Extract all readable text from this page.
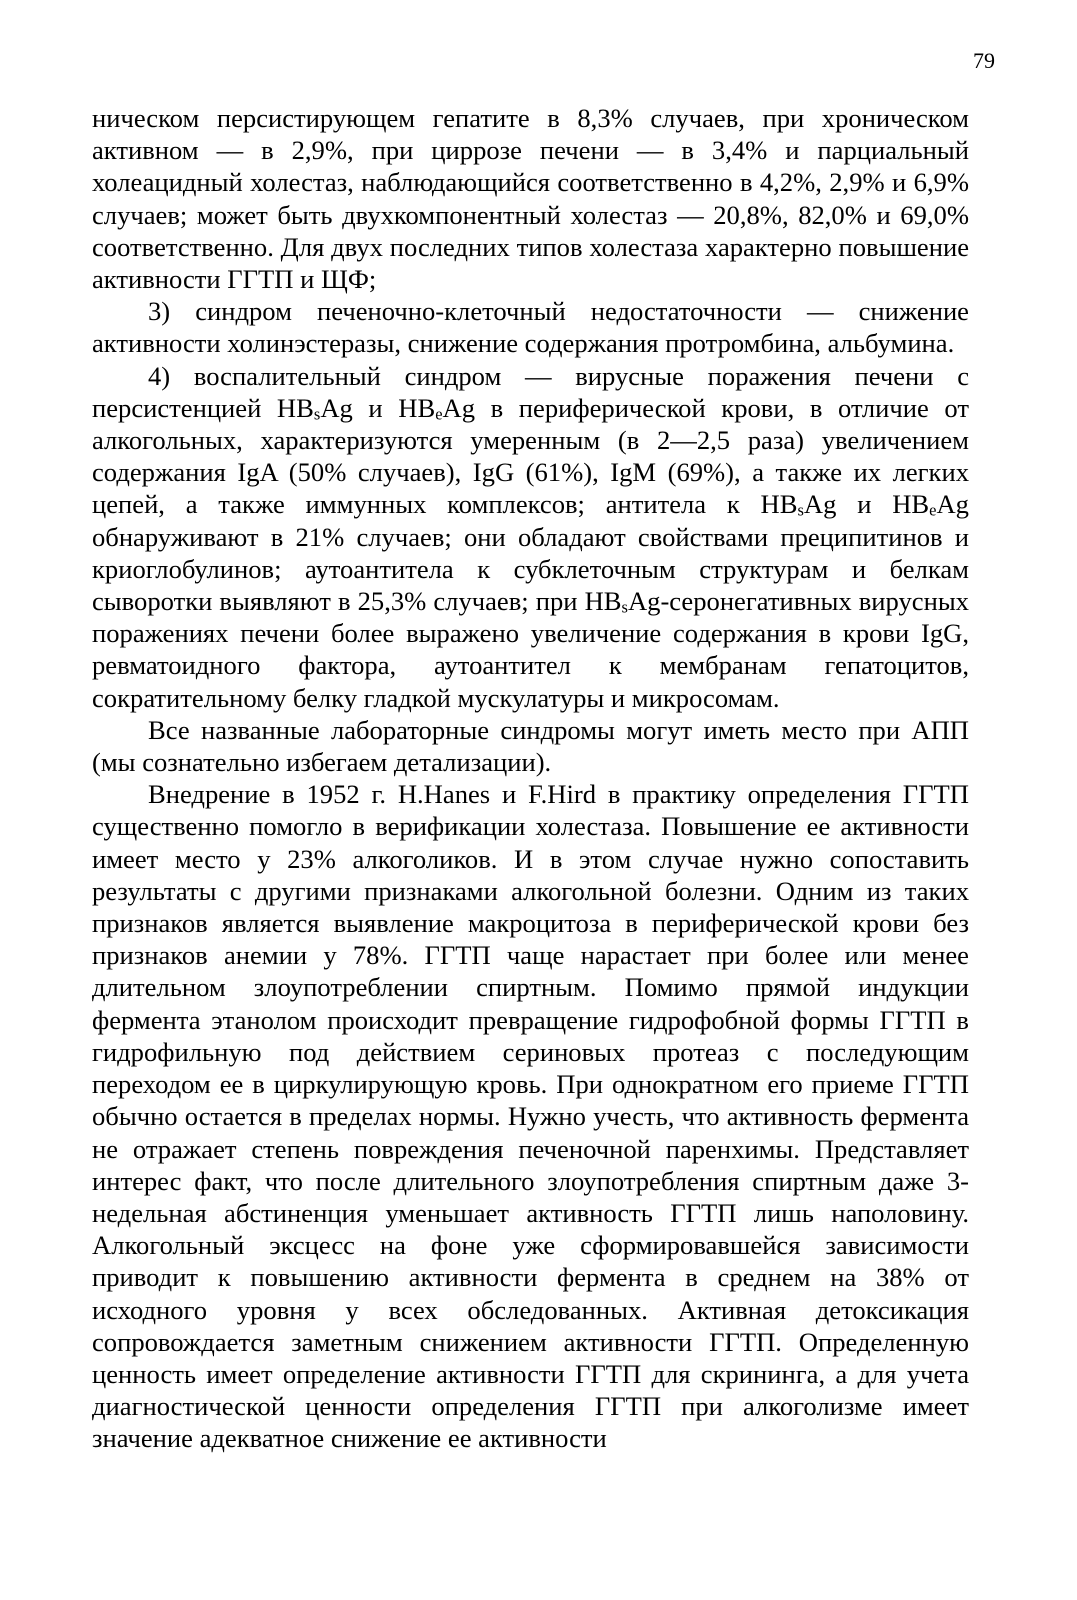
79

ническом персистирующем гепатите в 8,3% случаев, при хроническом активном — в 2,9%, при циррозе печени — в 3,4% и парциальный холеацидный холестаз, наблюдающийся соответственно в 4,2%, 2,9% и 6,9% случаев; может быть двухкомпонентный холестаз — 20,8%, 82,0% и 69,0% соответственно. Для двух последних типов холестаза характерно повышение активности ГГТП и ЩФ;

3) синдром печеночно-клеточный недостаточности — снижение активности холинэстеразы, снижение содержания протромбина, альбумина.

4) воспалительный синдром — вирусные поражения печени с персистенцией $HB_sAg$ и $HB_eAg$ в периферической крови, в отличие от алкогольных, характеризуются умеренным (в 2—2,5 раза) увеличением содержания IgA (50% случаев), IgG (61%), IgM (69%), а также их легких цепей, а также иммунных комплексов; антитела к $HB_sAg$ и $HB_eAg$ обнаруживают в 21% случаев; они обладают свойствами преципитинов и криоглобулинов; аутоантитела к субклеточным структурам и белкам сыворотки выявляют в 25,3% случаев; при $HB_sAg$-серонегативных вирусных поражениях печени более выражено увеличение содержания в крови IgG, ревматоидного фактора, аутоантител к мембранам гепатоцитов, сократительному белку гладкой мускулатуры и микросомам.

Все названные лабораторные синдромы могут иметь место при АПП (мы сознательно избегаем детализации).

Внедрение в 1952 г. H.Hanes и F.Hird в практику определения ГГТП существенно помогло в верификации холестаза. Повышение ее активности имеет место у 23% алкоголиков. И в этом случае нужно сопоставить результаты с другими признаками алкогольной болезни. Одним из таких признаков является выявление макроцитоза в периферической крови без признаков анемии у 78%. ГГТП чаще нарастает при более или менее длительном злоупотреблении спиртным. Помимо прямой индукции фермента этанолом происходит превращение гидрофобной формы ГГТП в гидрофильную под действием сериновых протеаз с последующим переходом ее в циркулирующую кровь. При однократном его приеме ГГТП обычно остается в пределах нормы. Нужно учесть, что активность фермента не отражает степень повреждения печеночной паренхимы. Представляет интерес факт, что после длительного злоупотребления спиртным даже 3-недельная абстиненция уменьшает активность ГГТП лишь наполовину. Алкогольный эксцесс на фоне уже сформировавшейся зависимости приводит к повышению активности фермента в среднем на 38% от исходного уровня у всех обследованных. Активная детоксикация сопровождается заметным снижением активности ГГТП. Определенную ценность имеет определение активности ГГТП для скрининга, а для учета диагностической ценности определения ГГТП при алкоголизме имеет значение адекватное снижение ее активности
